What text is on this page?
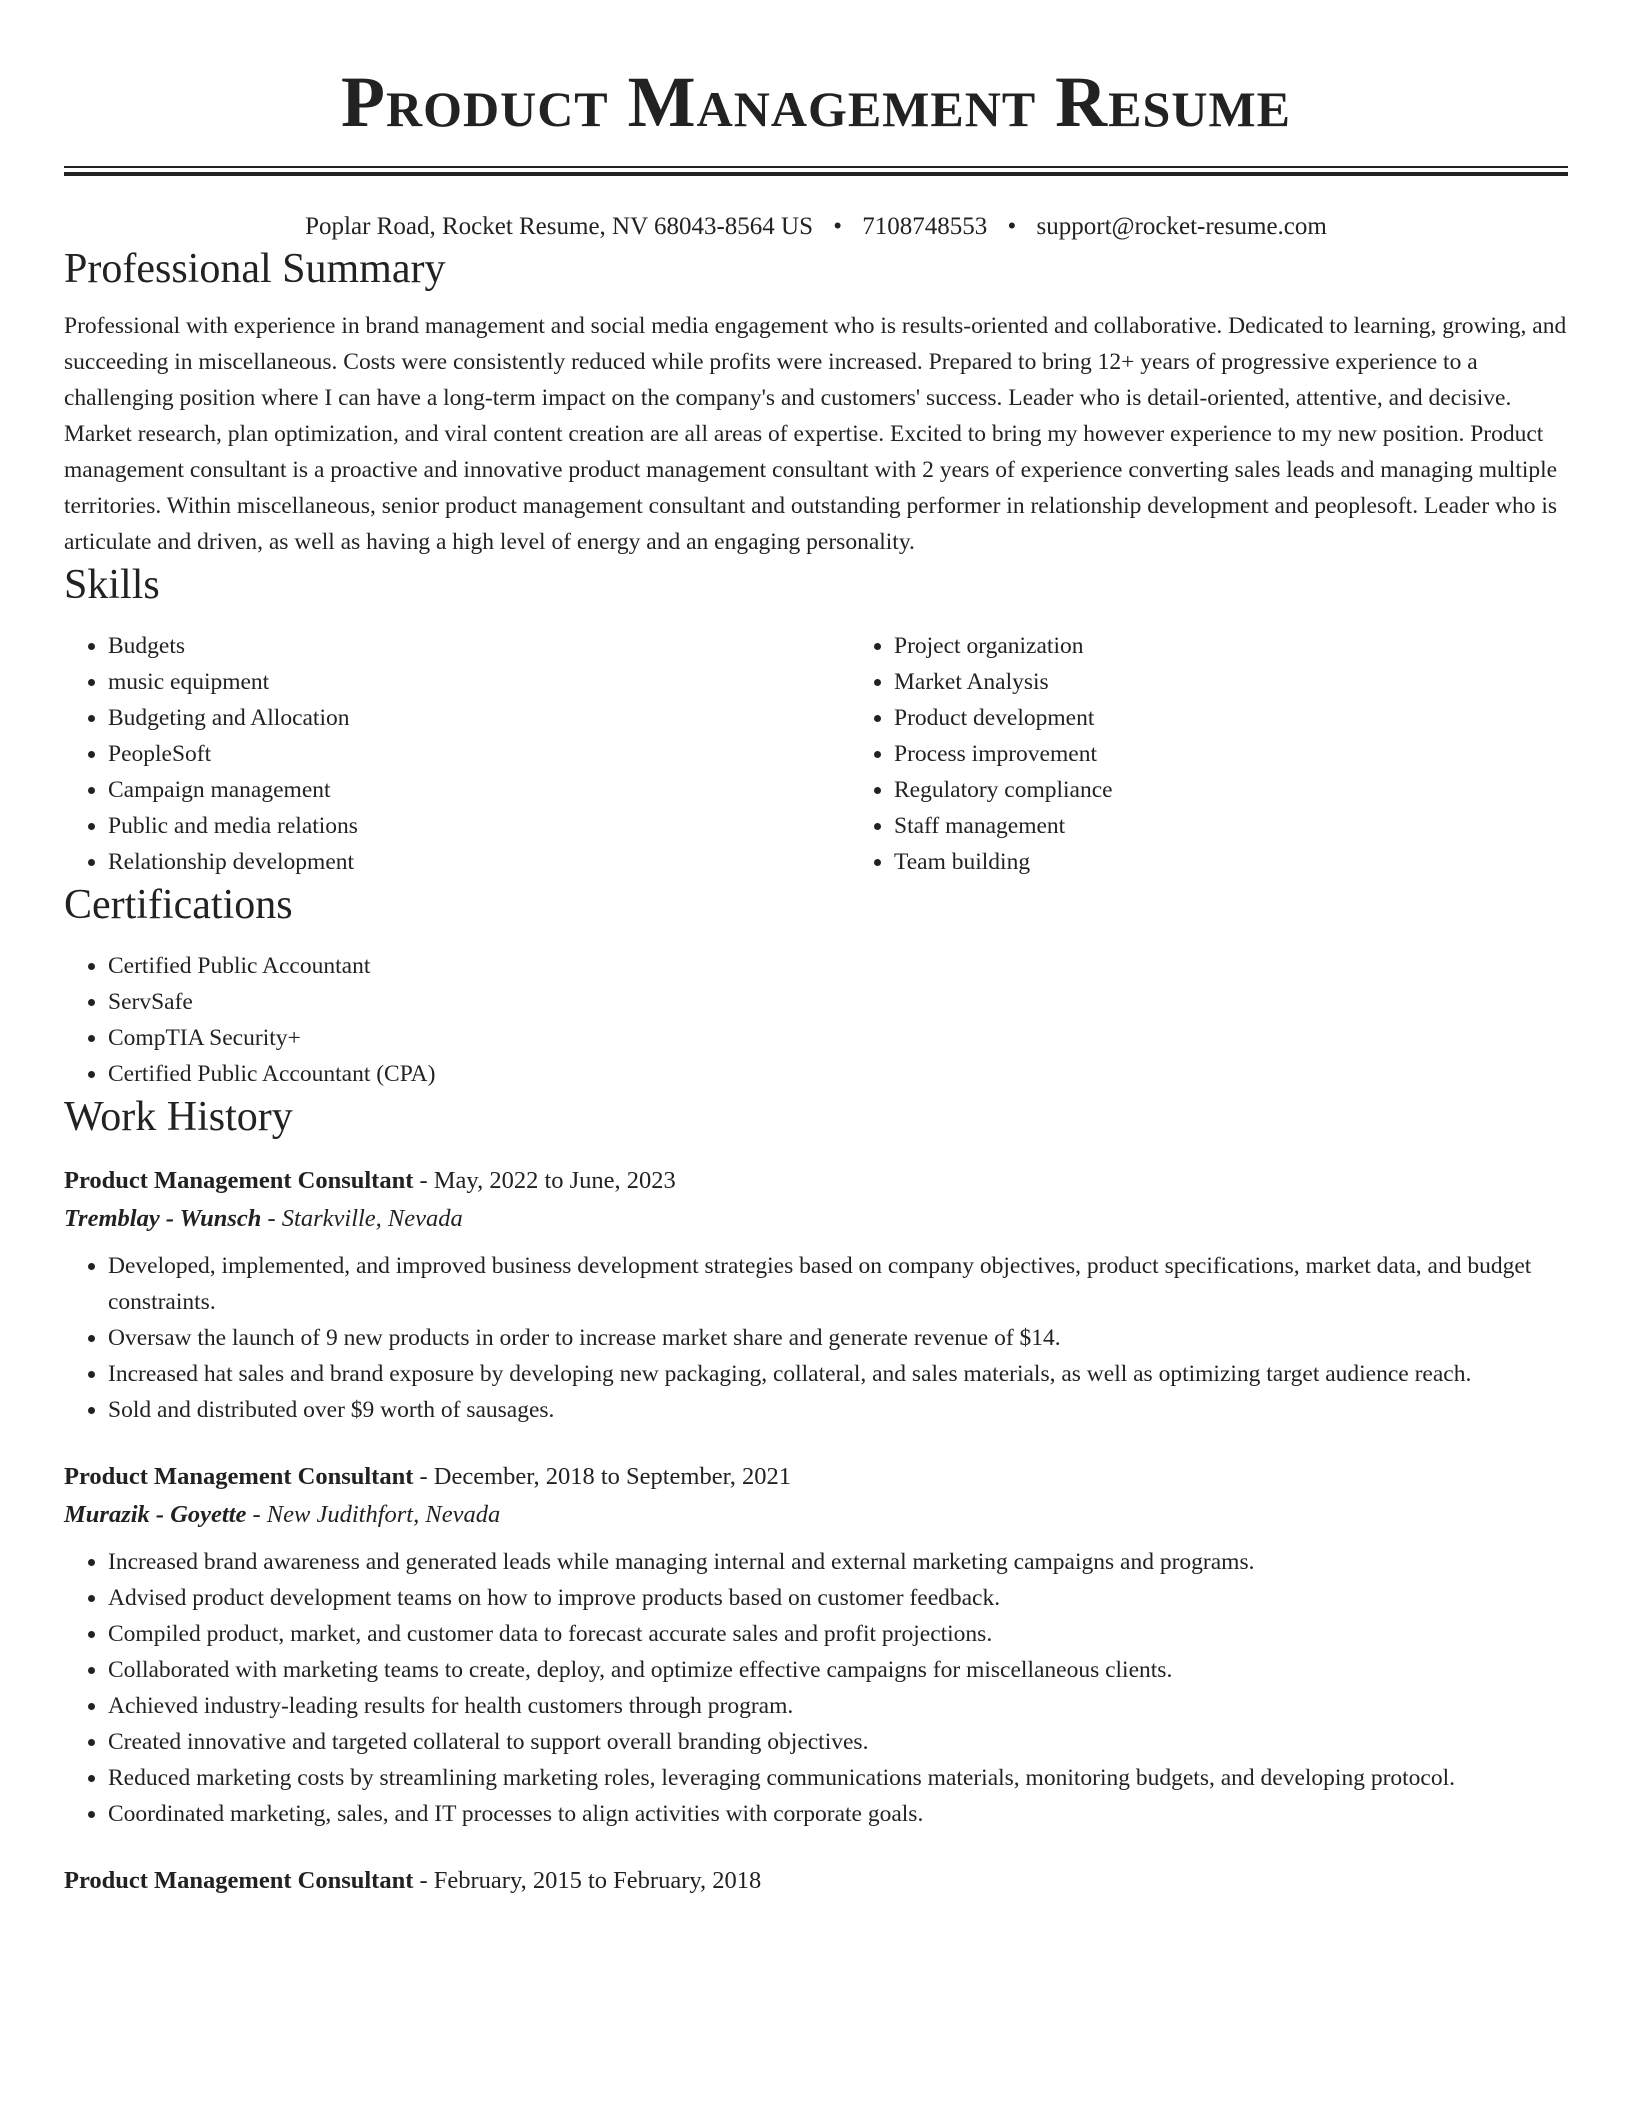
Product Management Resume
Poplar Road, Rocket Resume, NV 68043-8564 US • 7108748553 • support@rocket-resume.com
Professional Summary

Professional with experience in brand management and social media engagement who is results-oriented and collaborative. Dedicated to learning, growing, and succeeding in miscellaneous. Costs were consistently reduced while profits were increased. Prepared to bring 12+ years of progressive experience to a challenging position where I can have a long-term impact on the company's and customers' success. Leader who is detail-oriented, attentive, and decisive. Market research, plan optimization, and viral content creation are all areas of expertise. Excited to bring my however experience to my new position. Product management consultant is a proactive and innovative product management consultant with 2 years of experience converting sales leads and managing multiple territories. Within miscellaneous, senior product management consultant and outstanding performer in relationship development and peoplesoft. Leader who is articulate and driven, as well as having a high level of energy and an engaging personality.

Skills
• Budgets
• music equipment
• Budgeting and Allocation
• PeopleSoft
• Campaign management
• Public and media relations
• Relationship development
• Project organization
• Market Analysis
• Product development
• Process improvement
• Regulatory compliance
• Staff management
• Team building
Certifications
• Certified Public Accountant
• ServSafe
• CompTIA Security+
• Certified Public Accountant (CPA)
Work History
Product Management Consultant - May, 2022 to June, 2023
Tremblay - Wunsch - Starkville, Nevada
• Developed, implemented, and improved business development strategies based on company objectives, product specifications, market data, and budget constraints.
• Oversaw the launch of 9 new products in order to increase market share and generate revenue of $14.
• Increased hat sales and brand exposure by developing new packaging, collateral, and sales materials, as well as optimizing target audience reach.
• Sold and distributed over $9 worth of sausages.
Product Management Consultant - December, 2018 to September, 2021
Murazik - Goyette - New Judithfort, Nevada
• Increased brand awareness and generated leads while managing internal and external marketing campaigns and programs.
• Advised product development teams on how to improve products based on customer feedback.
• Compiled product, market, and customer data to forecast accurate sales and profit projections.
• Collaborated with marketing teams to create, deploy, and optimize effective campaigns for miscellaneous clients.
• Achieved industry-leading results for health customers through program.
• Created innovative and targeted collateral to support overall branding objectives.
• Reduced marketing costs by streamlining marketing roles, leveraging communications materials, monitoring budgets, and developing protocol.
• Coordinated marketing, sales, and IT processes to align activities with corporate goals.
Product Management Consultant - February, 2015 to February, 2018
